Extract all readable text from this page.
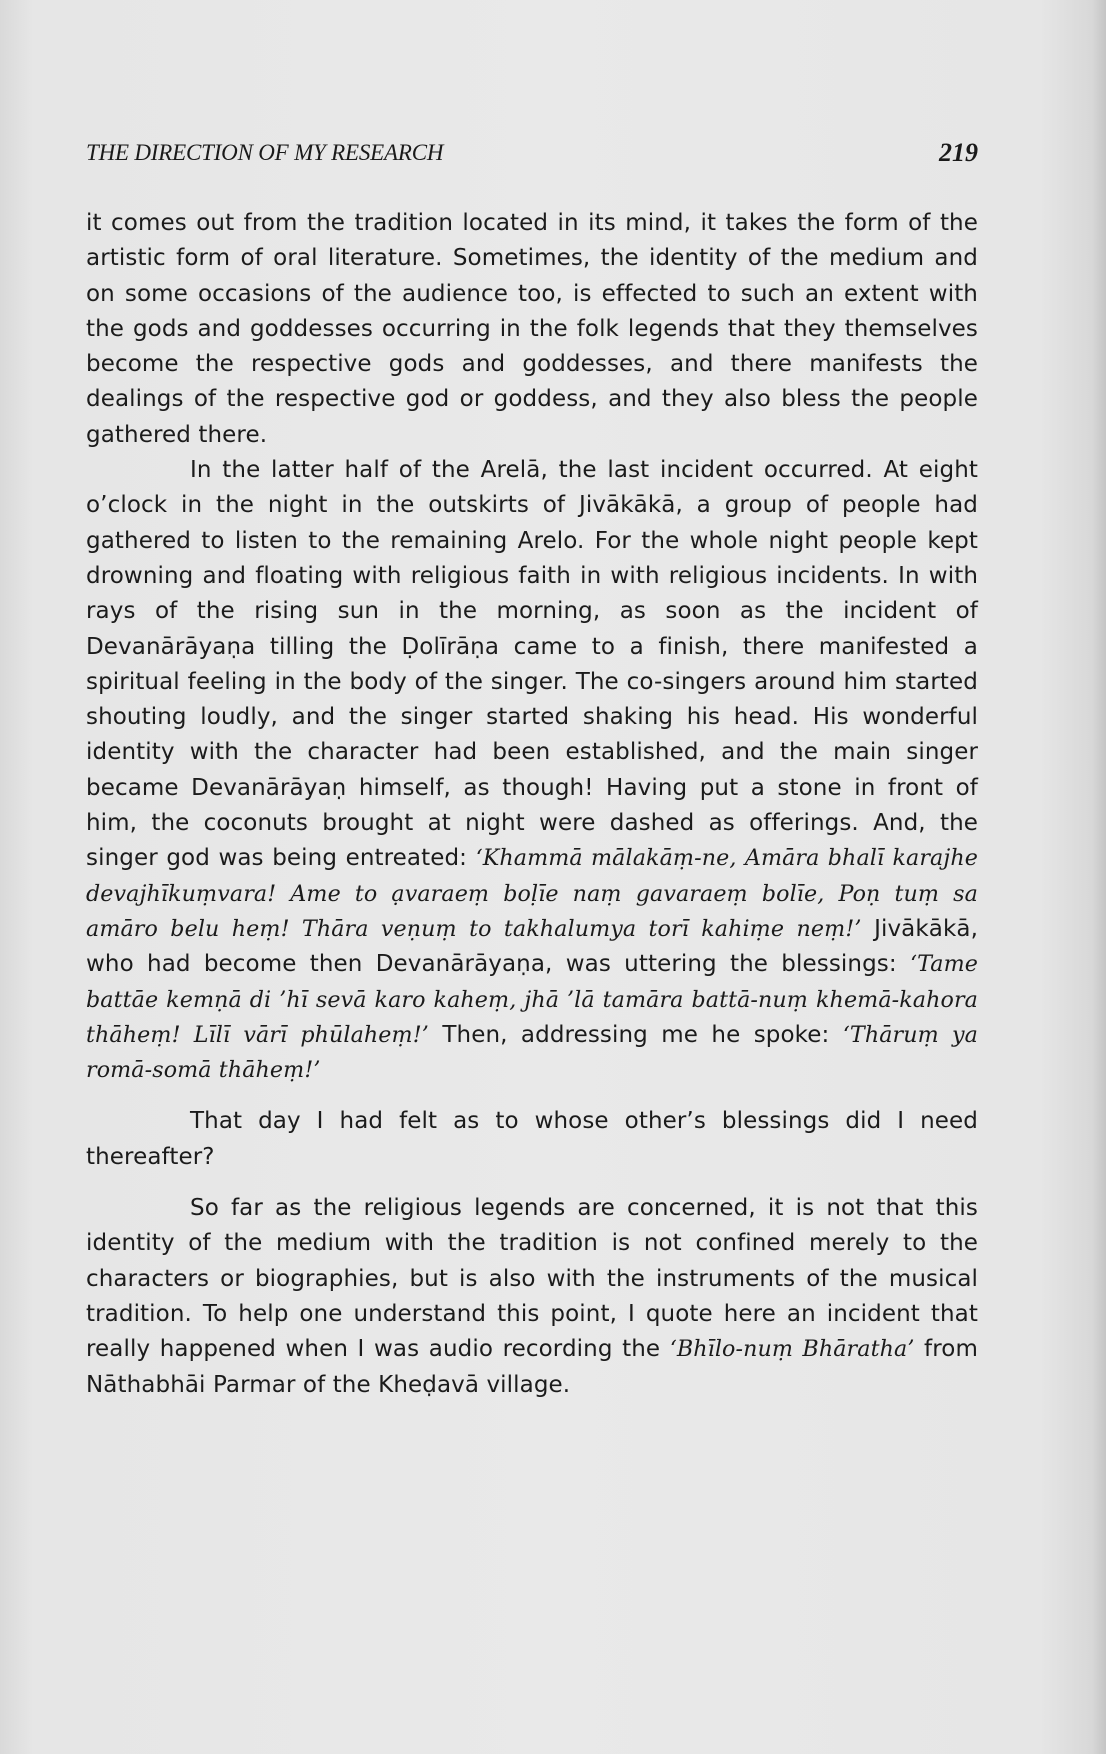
THE DIRECTION OF MY RESEARCH	219

it comes out from the tradition located in its mind, it takes the form of the artistic form of oral literature. Sometimes, the identity of the medium and on some occasions of the audience too, is effected to such an extent with the gods and goddesses occurring in the folk legends that they themselves become the respective gods and goddesses, and there manifests the dealings of the respective god or goddess, and they also bless the people gathered there.

In the latter half of the Arelā, the last incident occurred. At eight o’clock in the night in the outskirts of Jivākākā, a group of people had gathered to listen to the remaining Arelo. For the whole night people kept drowning and floating with religious faith in with religious incidents. In with rays of the rising sun in the morning, as soon as the incident of Devanārāyaṇa tilling the Ḍolīrāṇa came to a finish, there manifested a spiritual feeling in the body of the singer. The co-singers around him started shouting loudly, and the singer started shaking his head. His wonderful identity with the character had been established, and the main singer became Devanārāyaṇ himself, as though! Having put a stone in front of him, the coconuts brought at night were dashed as offerings. And, the singer god was being entreated: ‘Khammā mālakāṃ-ne, Amāra bhalī karajhe devajhīkuṃvara! Ame to ạvaraeṃ boḷīe naṃ gavaraeṃ bolīe, Poṇ tuṃ sa amāro belu heṃ! Thāra veṇuṃ to takhalumya torī kahiṃe neṃ!’ Jivākākā, who had become then Devanārāyaṇa, was uttering the blessings: ‘Tame battāe kemṇā di ’hī sevā karo kaheṃ, jhā ’lā tamāra battā-nuṃ khemā-kahora thāheṃ! Līlī vārī phūlaheṃ!’ Then, addressing me he spoke: ‘Thāruṃ ya romā-somā thāheṃ!’

That day I had felt as to whose other’s blessings did I need thereafter?

So far as the religious legends are concerned, it is not that this identity of the medium with the tradition is not confined merely to the characters or biographies, but is also with the instruments of the musical tradition. To help one understand this point, I quote here an incident that really happened when I was audio recording the ‘Bhīlo-nuṃ Bhāratha’ from Nāthabhāi Parmar of the Kheḍavā village.
